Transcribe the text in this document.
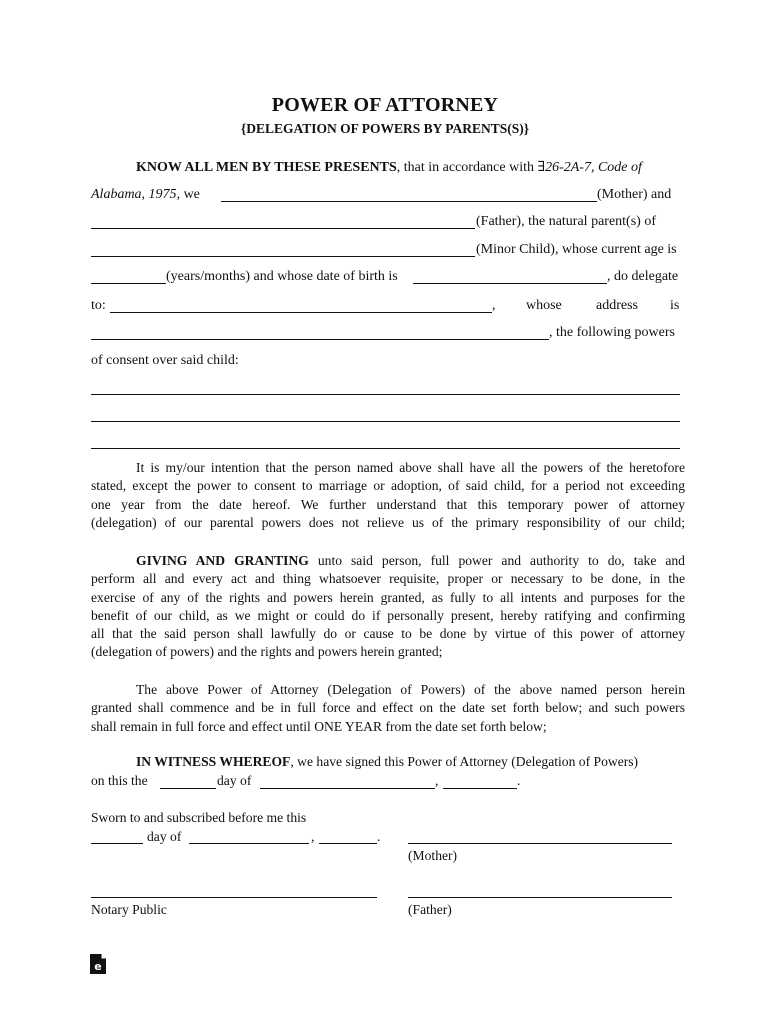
POWER OF ATTORNEY
{DELEGATION OF POWERS BY PARENTS(S)}
KNOW ALL MEN BY THESE PRESENTS, that in accordance with ∃26-2A-7, Code of
Alabama, 1975, we	(Mother) and
(Father), the natural parent(s) of
(Minor Child), whose current age is
(years/months) and whose date of birth is	, do delegate
to:	, whose address is
, the following powers
of consent over said child:
It is my/our intention that the person named above shall have all the powers of the heretofore
stated, except the power to consent to marriage or adoption, of said child, for a period not exceeding
one year from the date hereof. We further understand that this temporary power of attorney
(delegation) of our parental powers does not relieve us of the primary responsibility of our child;
GIVING AND GRANTING unto said person, full power and authority to do, take and
perform all and every act and thing whatsoever requisite, proper or necessary to be done, in the
exercise of any of the rights and powers herein granted, as fully to all intents and purposes for the
benefit of our child, as we might or could do if personally present, hereby ratifying and confirming
all that the said person shall lawfully do or cause to be done by virtue of this power of attorney
(delegation of powers) and the rights and powers herein granted;
The above Power of Attorney (Delegation of Powers) of the above named person herein
granted shall commence and be in full force and effect on the date set forth below; and such powers
shall remain in full force and effect until ONE YEAR from the date set forth below;
IN WITNESS WHEREOF, we have signed this Power of Attorney (Delegation of Powers)
on this the	day of	,	.
Sworn to and subscribed before me this
day of	,	.
(Mother)
Notary Public	(Father)
e
